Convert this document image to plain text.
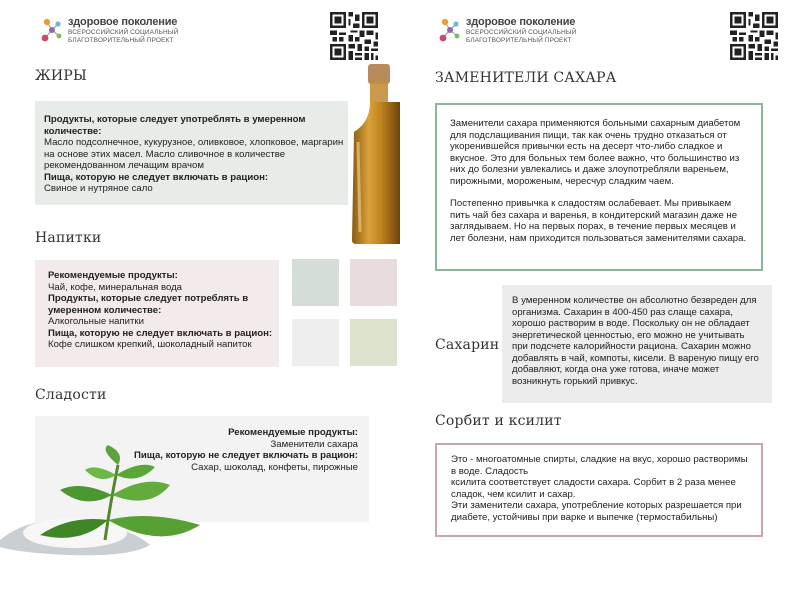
здоровое поколение
ВСЕРОССИЙСКИЙ СОЦИАЛЬНЫЙ
БЛАГОТВОРИТЕЛЬНЫЙ ПРОЕКТ
ЖИРЫ
Продукты, которые следует употреблять в умеренном количестве:
Масло подсолнечное, кукурузное, оливковое, хлопковое, маргарин на основе этих масел. Масло сливочное в количестве рекомендованном лечащим врачом
Пища, которую не следует включать в рацион:
Свиное и нутряное сало
Напитки
Рекомендуемые продукты:
Чай, кофе, минеральная вода
Продукты, которые следует потреблять в умеренном количестве:
Алкогольные напитки
Пища, которую не следует включать в рацион: Кофе слишком крепкий, шоколадный напиток
Сладости
Рекомендуемые продукты:
Заменители сахара
Пища, которую не следует включать в рацион:
Сахар, шоколад, конфеты, пирожные
здоровое поколение
ВСЕРОССИЙСКИЙ СОЦИАЛЬНЫЙ
БЛАГОТВОРИТЕЛЬНЫЙ ПРОЕКТ
ЗАМЕНИТЕЛИ САХАРА

Заменители сахара применяются больными сахарным диабетом для подслащивания пищи, так как очень трудно отказаться от укоренившейся привычки есть на десерт что-либо сладкое и вкусное. Это для больных тем более важно, что большинство из них до болезни увлекались и даже злоупотребляли вареньем, пирожными, мороженым, чересчур сладким чаем.

Постепенно привычка к сладостям ослабевает. Мы привыкаем пить чай без сахара и варенья, в кондитерский магазин даже не заглядываем. Но на первых порах, в течение первых месяцев и лет болезни, нам приходится пользоваться заменителями сахара.

Сахарин

В умеренном количестве он абсолютно безвреден для организма. Сахарин в 400-450 раз слаще сахара, хорошо растворим в воде. Поскольку он не обладает энергетической ценностью, его можно не учитывать при подсчете калорийности рациона. Сахарин можно добавлять в чай, компоты, кисели. В вареную пищу его добавляют, когда она уже готова, иначе может возникнуть горький привкус.

Сорбит и ксилит

Это - многоатомные спирты, сладкие на вкус, хорошо растворимы в воде. Сладость

ксилита соответствует сладости сахара. Сорбит в 2 раза менее сладок, чем ксилит и сахар.

Эти заменители сахара, употребление которых разрешается при диабете, устойчивы при варке и выпечке (термостабильны)
